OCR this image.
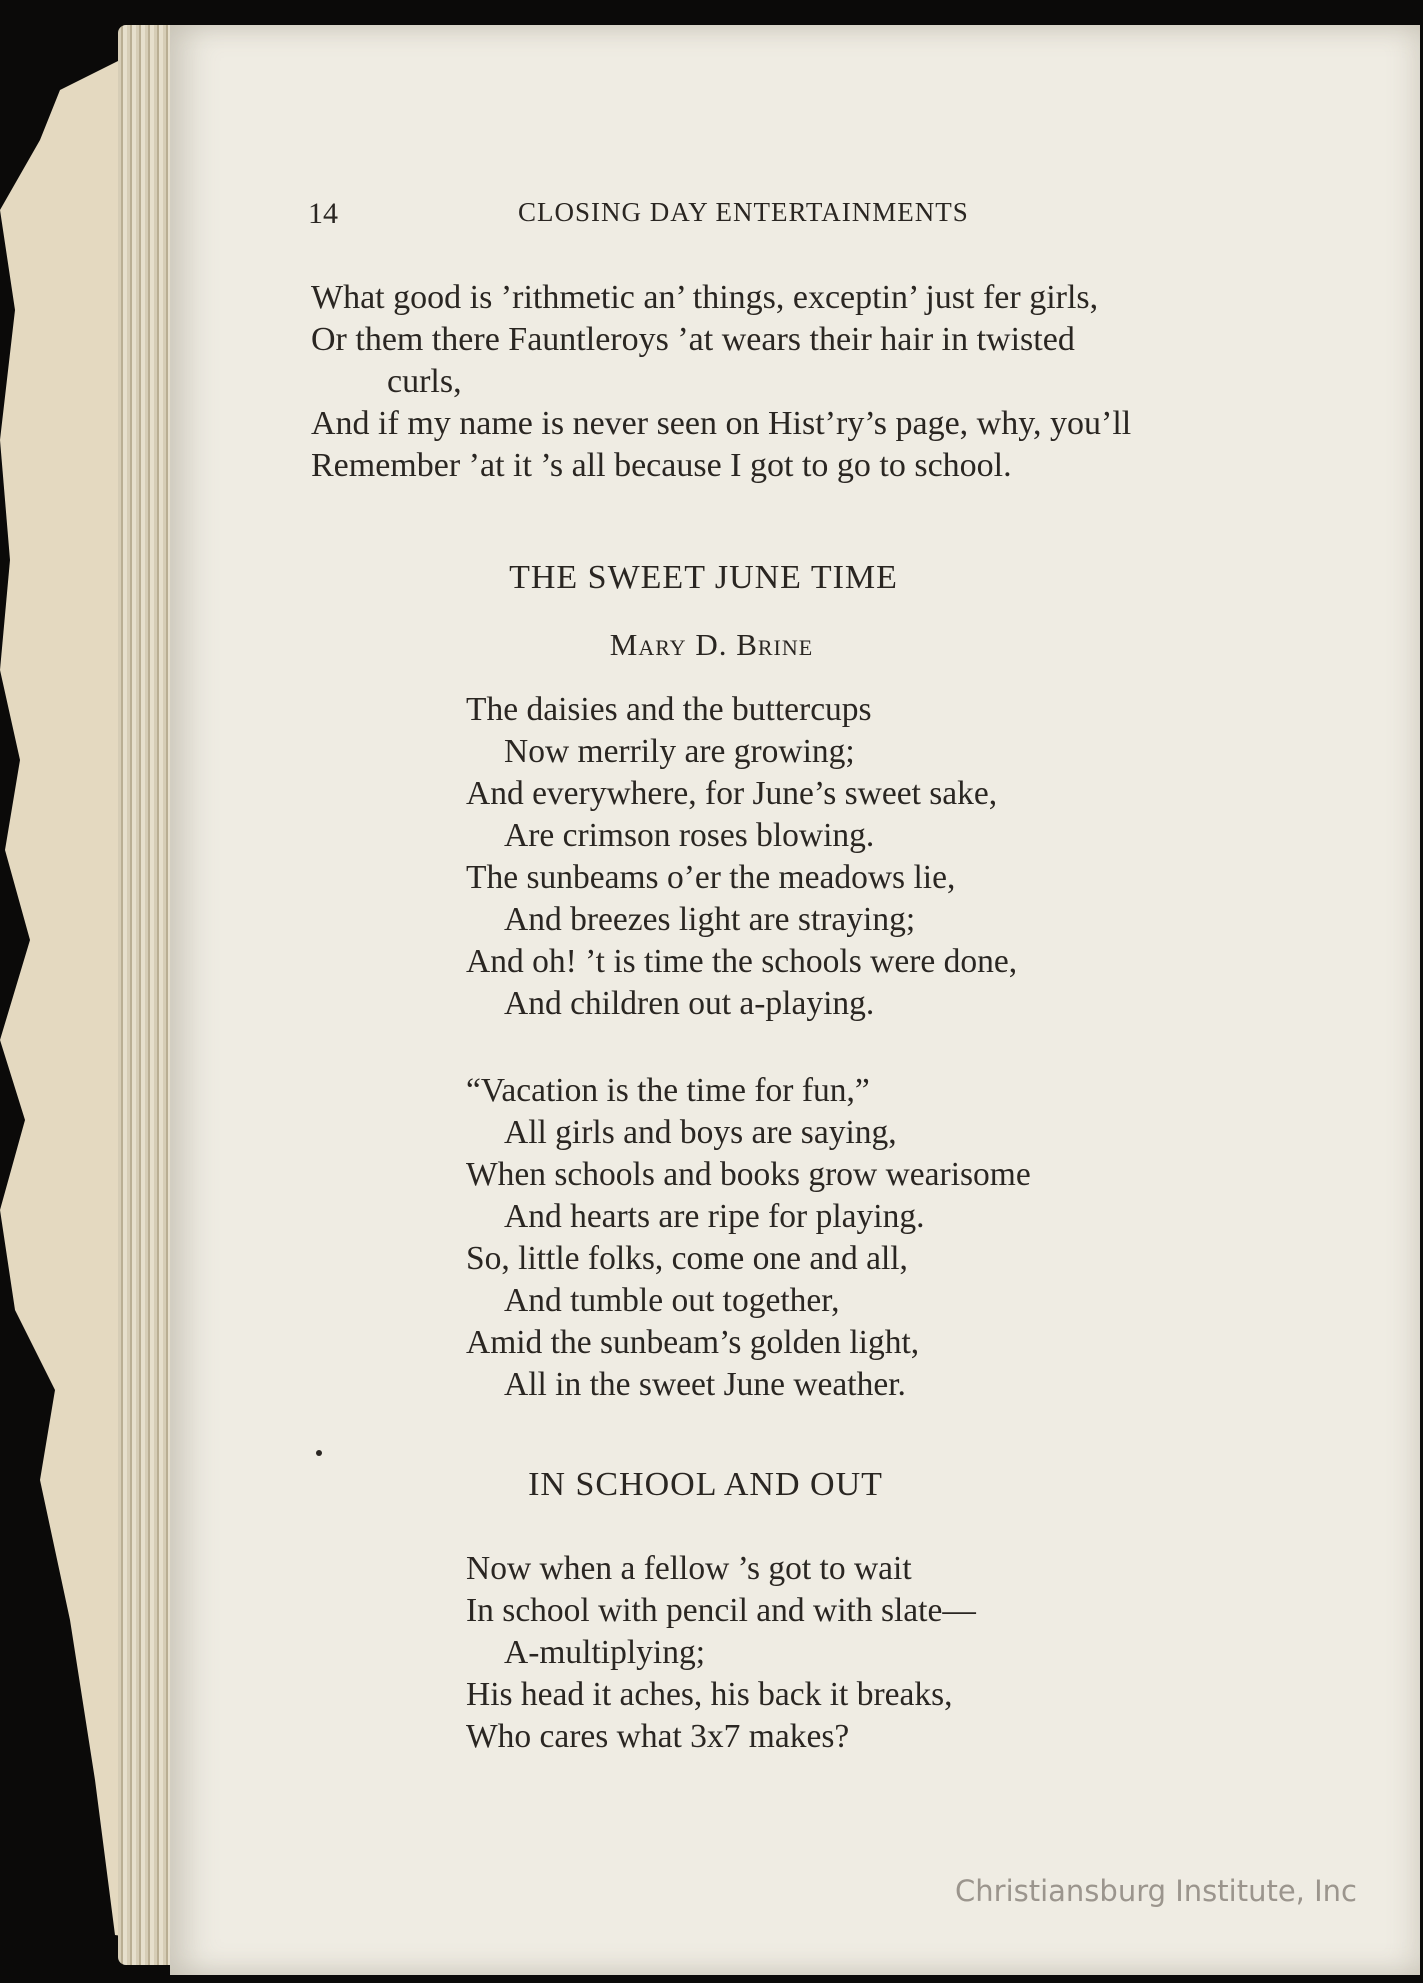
14	CLOSING DAY ENTERTAINMENTS
What good is ’rithmetic an’ things, exceptin’ just fer girls,
Or them there Fauntleroys ’at wears their hair in twisted
curls,
And if my name is never seen on Hist’ry’s page, why, you’ll
Remember ’at it ’s all because I got to go to school.
THE SWEET JUNE TIME
Mary D. Brine
The daisies and the buttercups
Now merrily are growing;
And everywhere, for June’s sweet sake,
Are crimson roses blowing.
The sunbeams o’er the meadows lie,
And breezes light are straying;
And oh! ’t is time the schools were done,
And children out a-playing.
“Vacation is the time for fun,”
All girls and boys are saying,
When schools and books grow wearisome
And hearts are ripe for playing.
So, little folks, come one and all,
And tumble out together,
Amid the sunbeam’s golden light,
All in the sweet June weather.
IN SCHOOL AND OUT
Now when a fellow ’s got to wait
In school with pencil and with slate—
A-multiplying;
His head it aches, his back it breaks,
Who cares what 3x7 makes?
Christiansburg Institute, Inc
